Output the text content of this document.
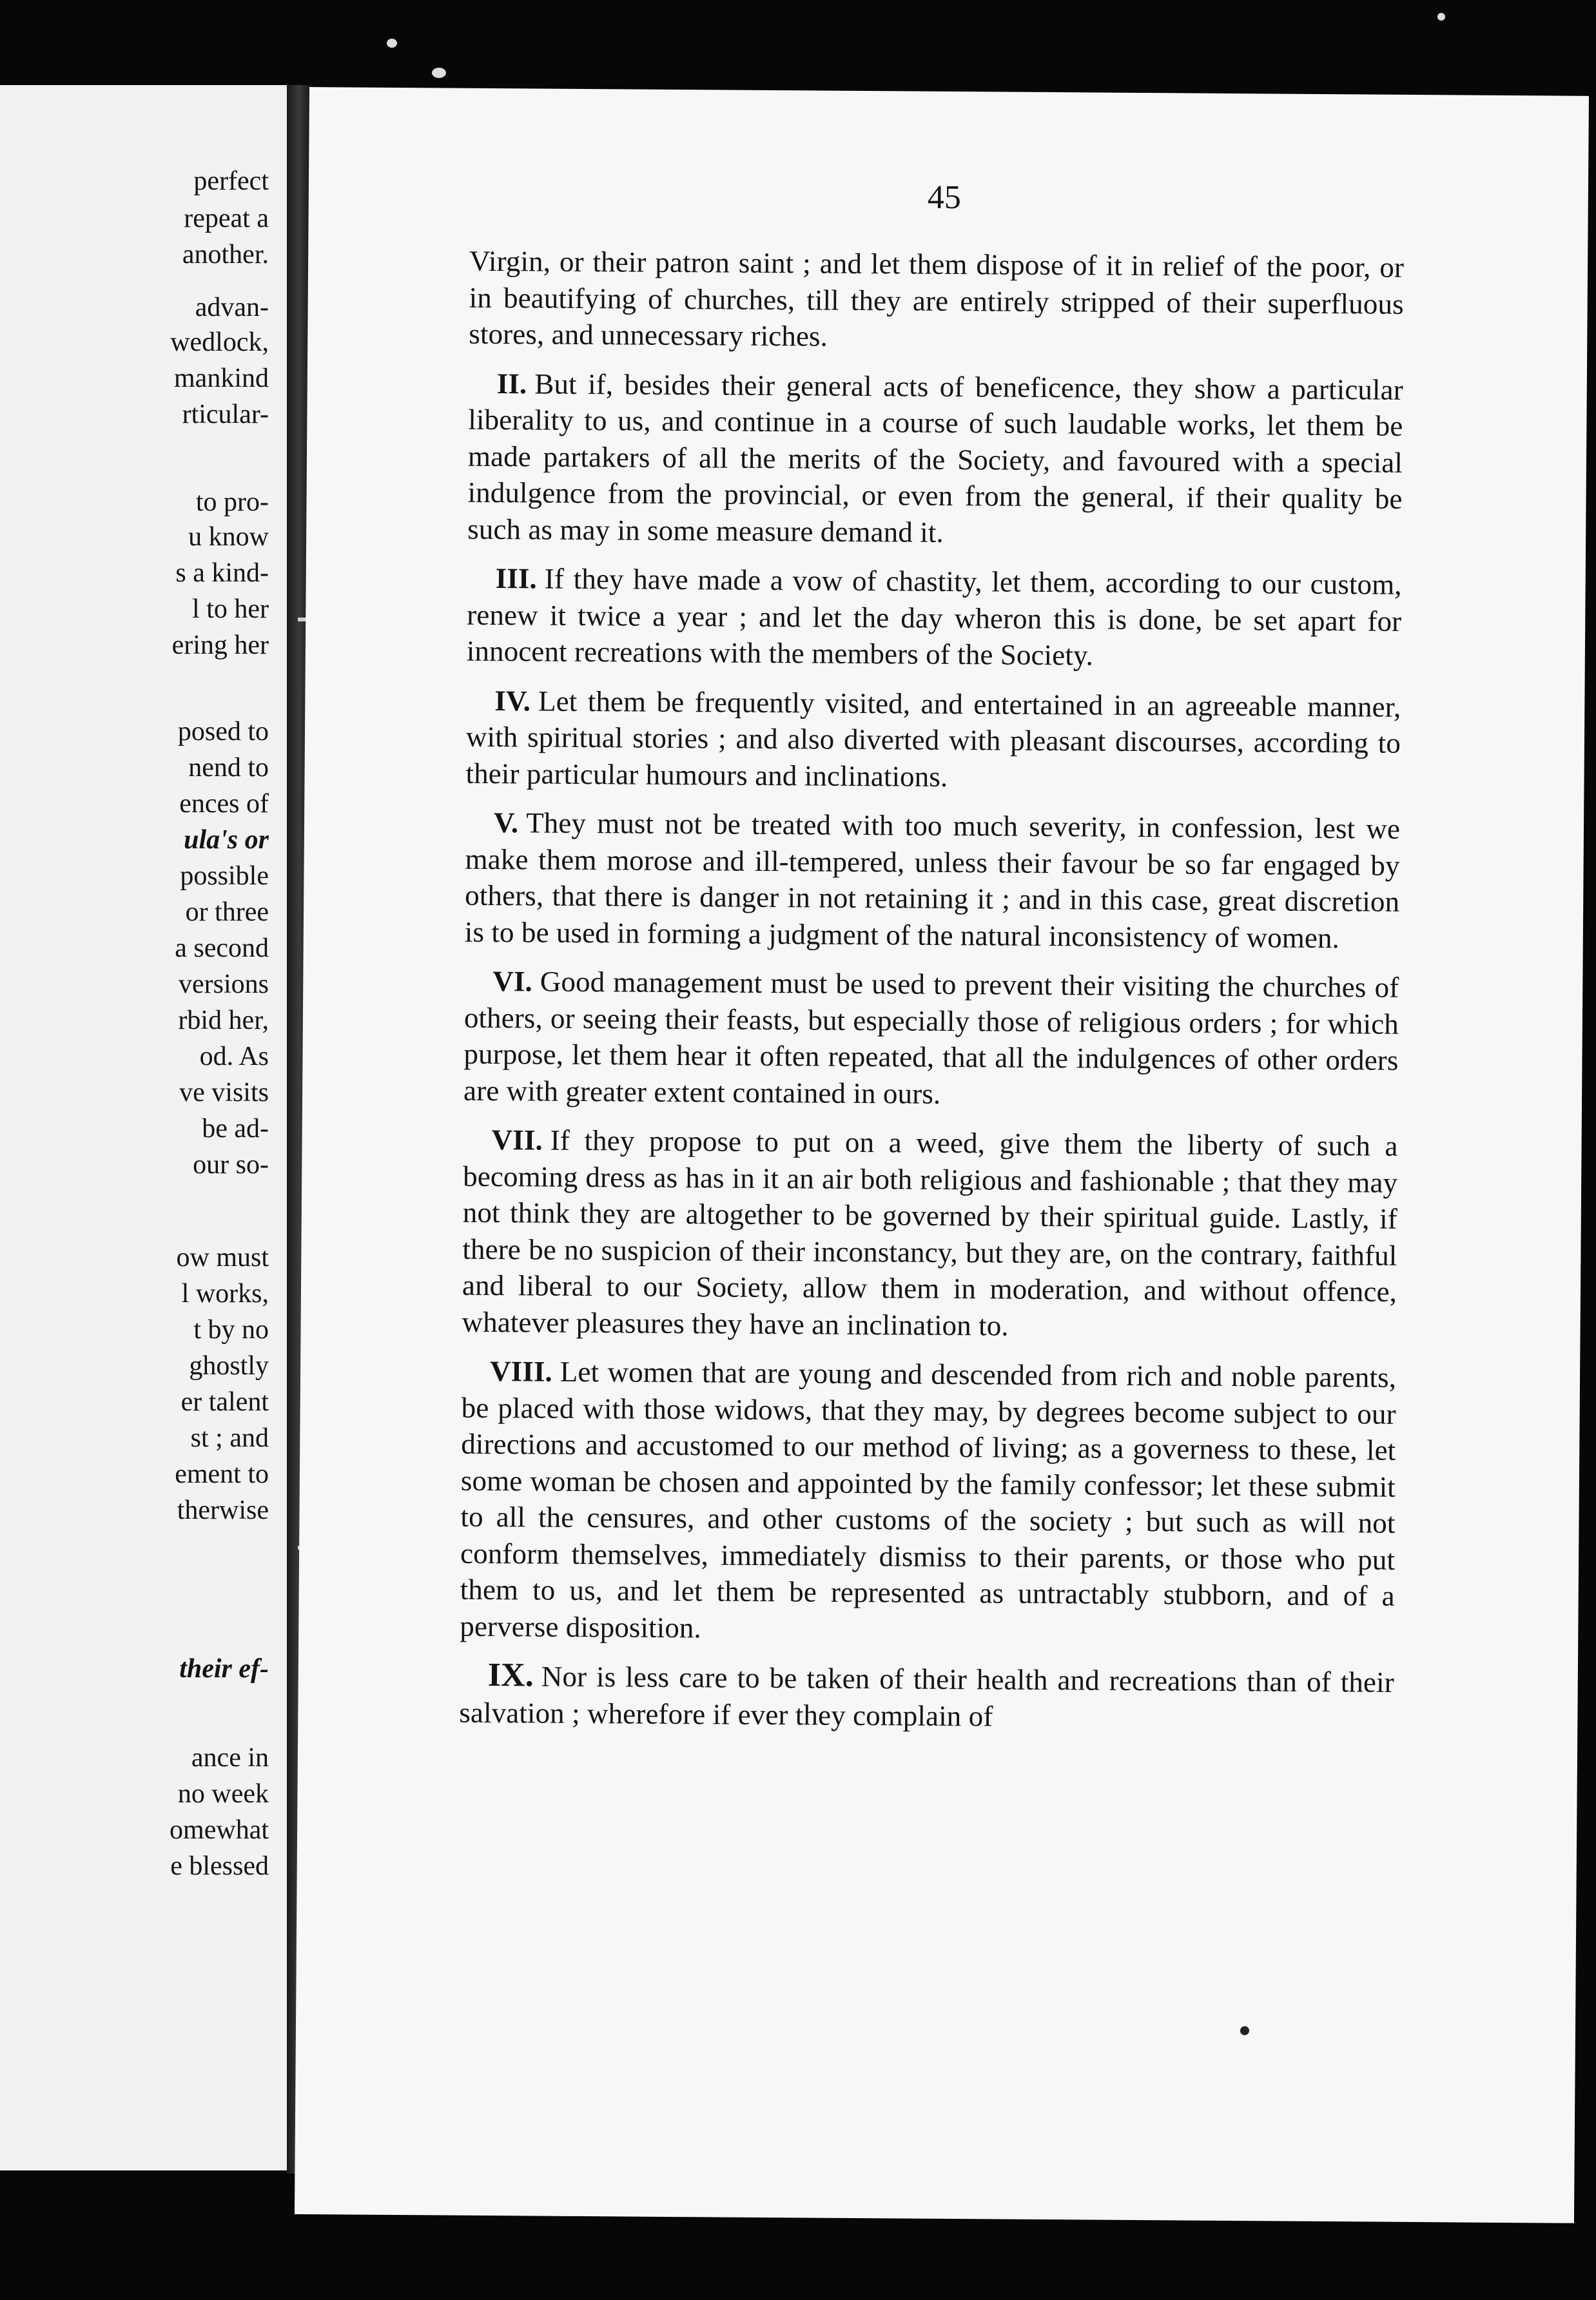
perfect
repeat a
another.
advan-
wedlock,
mankind
rticular-
to pro-
u know
s a kind-
l to her
ering her
posed to
nend to
ences of
ula's or
possible
or three
a second
versions
rbid her,
od. As
ve visits
be ad-
our so-
ow must
l works,
t by no
ghostly
er talent
st ; and
ement to
therwise
their ef-
ance in
no week
omewhat
e blessed
45

Virgin, or their patron saint ; and let them dispose of it in relief of the poor, or in beautifying of churches, till they are entirely stripped of their superfluous stores, and unnecessary riches.

II. But if, besides their general acts of beneficence, they show a particular liberality to us, and continue in a course of such laudable works, let them be made partakers of all the merits of the Society, and favoured with a special indulgence from the provincial, or even from the general, if their quality be such as may in some measure demand it.

III. If they have made a vow of chastity, let them, according to our custom, renew it twice a year ; and let the day wheron this is done, be set apart for innocent recreations with the members of the Society.

IV. Let them be frequently visited, and entertained in an agreeable manner, with spiritual stories ; and also diverted with pleasant discourses, according to their particular humours and inclinations.

V. They must not be treated with too much severity, in confession, lest we make them morose and ill-tempered, unless their favour be so far engaged by others, that there is danger in not retaining it ; and in this case, great discretion is to be used in forming a judgment of the natural inconsistency of women.

VI. Good management must be used to prevent their visiting the churches of others, or seeing their feasts, but especially those of religious orders ; for which purpose, let them hear it often repeated, that all the indulgences of other orders are with greater extent contained in ours.

VII. If they propose to put on a weed, give them the liberty of such a becoming dress as has in it an air both religious and fashionable ; that they may not think they are altogether to be governed by their spiritual guide. Lastly, if there be no suspicion of their inconstancy, but they are, on the contrary, faithful and liberal to our Society, allow them in moderation, and without offence, whatever pleasures they have an inclination to.

VIII. Let women that are young and descended from rich and noble parents, be placed with those widows, that they may, by degrees become subject to our directions and accustomed to our method of living; as a governess to these, let some woman be chosen and appointed by the family confessor; let these submit to all the censures, and other customs of the society ; but such as will not conform themselves, immediately dismiss to their parents, or those who put them to us, and let them be represented as untractably stubborn, and of a perverse disposition.

IX. Nor is less care to be taken of their health and recreations than of their salvation ; wherefore if ever they complain of
